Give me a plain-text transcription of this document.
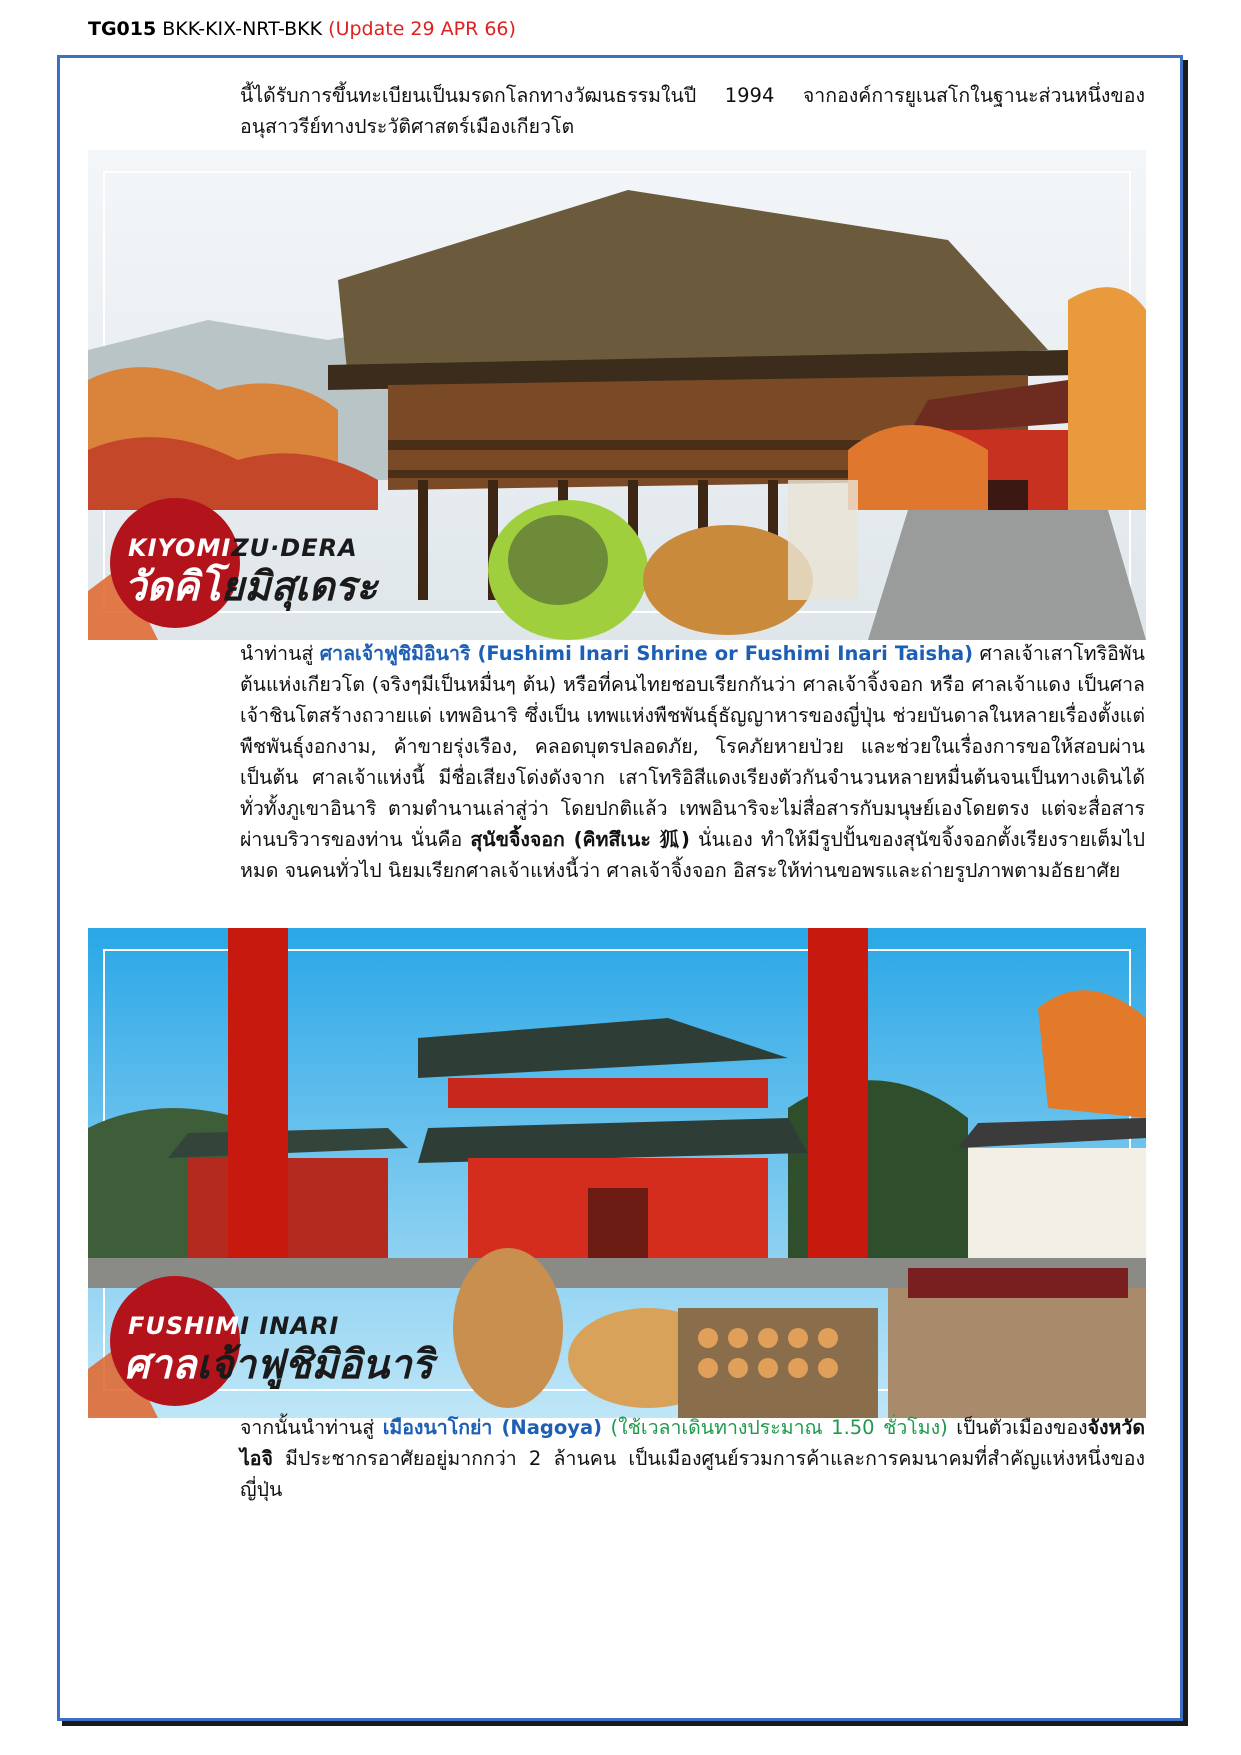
TG015 BKK-KIX-NRT-BKK (Update 29 APR 66)
นี้ได้รับการขึ้นทะเบียนเป็นมรดกโลกทางวัฒนธรรมในปี 1994 จากองค์การยูเนสโกในฐานะส่วนหนึ่งของอนุสาวรีย์ทางประวัติศาสตร์เมืองเกียวโต
KIYOMIZU·DERA
วัดคิโยมิสุเดระ
นำท่านสู่ ศาลเจ้าฟูชิมิอินาริ (Fushimi Inari Shrine or Fushimi Inari Taisha) ศาลเจ้าเสาโทริอิพันต้นแห่งเกียวโต (จริงๆมีเป็นหมื่นๆ ต้น) หรือที่คนไทยชอบเรียกกันว่า ศาลเจ้าจิ้งจอก หรือ ศาลเจ้าแดง เป็นศาลเจ้าชินโตสร้างถวายแด่ เทพอินาริ ซึ่งเป็น เทพแห่งพืชพันธุ์ธัญญาหารของญี่ปุ่น ช่วยบันดาลในหลายเรื่องตั้งแต่ พืชพันธุ์งอกงาม, ค้าขายรุ่งเรือง, คลอดบุตรปลอดภัย, โรคภัยหายป่วย และช่วยในเรื่องการขอให้สอบผ่าน เป็นต้น ศาลเจ้าแห่งนี้ มีชื่อเสียงโด่งดังจาก เสาโทริอิสีแดงเรียงตัวกันจำนวนหลายหมื่นต้นจนเป็นทางเดินได้ทั่วทั้งภูเขาอินาริ ตามตำนานเล่าสู่ว่า โดยปกติแล้ว เทพอินาริจะไม่สื่อสารกับมนุษย์เองโดยตรง แต่จะสื่อสารผ่านบริวารของท่าน นั่นคือ สุนัขจิ้งจอก (คิทสึเนะ 狐) นั่นเอง ทำให้มีรูปปั้นของสุนัขจิ้งจอกตั้งเรียงรายเต็มไปหมด จนคนทั่วไป นิยมเรียกศาลเจ้าแห่งนี้ว่า ศาลเจ้าจิ้งจอก อิสระให้ท่านขอพรและถ่ายรูปภาพตามอัธยาศัย
FUSHIMI INARI
ศาลเจ้าฟูชิมิอินาริ
จากนั้นนำท่านสู่ เมืองนาโกย่า (Nagoya) (ใช้เวลาเดินทางประมาณ 1.50 ชั่วโมง) เป็นตัวเมืองของจังหวัดไอจิ มีประชากรอาศัยอยู่มากกว่า 2 ล้านคน เป็นเมืองศูนย์รวมการค้าและการคมนาคมที่สำคัญแห่งหนึ่งของญี่ปุ่น
